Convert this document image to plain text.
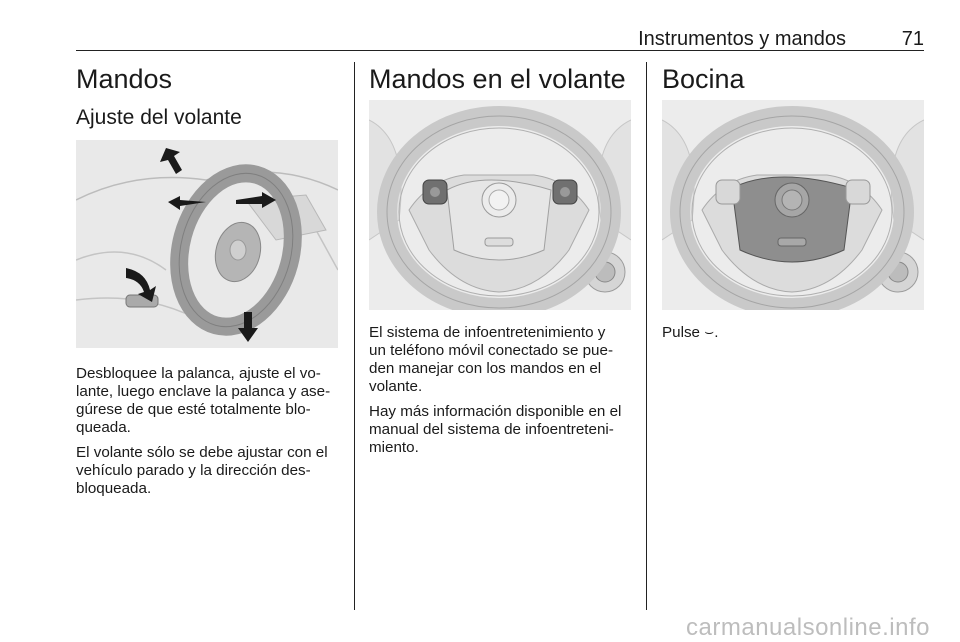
Instrumentos y mandos	71
Mandos
Ajuste del volante

Desbloquee la palanca, ajuste el vo-
lante, luego enclave la palanca y ase-
gúrese de que esté totalmente blo-
queada.

El volante sólo se debe ajustar con el
vehículo parado y la dirección des-
bloqueada.

Mandos en el volante

El sistema de infoentretenimiento y
un teléfono móvil conectado se pue-
den manejar con los mandos en el
volante.

Hay más información disponible en el
manual del sistema de infoentreteni-
miento.

Bocina

Pulse ⌣.

carmanualsonline.info
